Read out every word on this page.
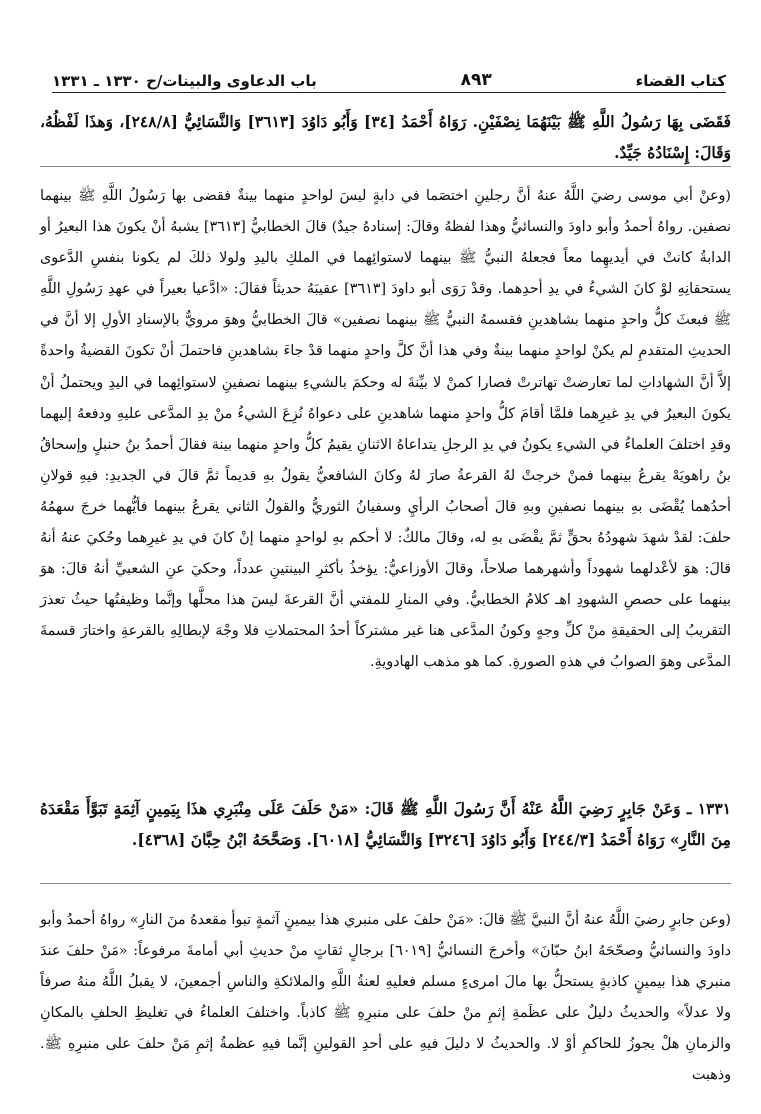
كتاب القضاء
٨٩٣
باب الدعاوى والبينات/ح ١٣٣٠ ـ ١٣٣١

فَقَضَى بِهَا رَسُولُ اللَّهِ ﷺ بَيْنَهُمَا نِصْفَيْنِ. رَوَاهُ أَحْمَدُ [٣٤] وَأَبُو دَاوُدَ [٣٦١٣] وَالنَّسَائِيُّ [٢٤٨/٨]، وَهذَا لَفْظُهُ، وَقَالَ: إِسْنَادُهُ جَيِّدٌ.

(وعنْ أبي موسى رضيَ اللَّهُ عنهُ أنَّ رجلينِ اختصَما في دابةٍ ليسَ لواحدٍ منهما بينةٌ فقضى بها رَسُولُ اللَّهِ ﷺ بينهما نصفين. رواهُ أحمدُ وأبو داودَ والنسائيُّ وهذا لفظهُ وقالَ: إسنادهُ جيدٌ) قالَ الخطابيُّ [٣٦١٣] يشبهُ أنْ يكونَ هذا البعيرُ أو الدابةُ كانتْ في أيديهِما معاً فجعلهُ النبيُّ ﷺ بينهما لاستوائِهما في الملكِ باليدِ ولولا ذلكَ لم يكونا بنفسِ الدَّعوى يستحقانِهِ لوْ كانَ الشيءُ في يدِ أحدِهما. وقدْ رَوَى أبو داودَ [٣٦١٣] عقيبَهُ حديثاً فقالَ: «ادَّعيا بعيراً في عهدِ رَسُولِ اللَّهِ ﷺ فبعثَ كلُّ واحدٍ منهما بشاهدينِ فقسمهُ النبيُّ ﷺ بينهما نصفين» قالَ الخطابيُّ وهوَ مرويٌّ بالإسنادِ الأولِ إلا أنَّ في الحديثِ المتقدمِ لم يكنْ لواحدٍ منهما بينةٌ وفي هذا أنَّ كلَّ واحدٍ منهما قدْ جاءَ بشاهدينِ فاحتملَ أنْ تكونَ القضيةُ واحدةً إلاَّ أنَّ الشهاداتِ لما تعارضتْ تهاترتْ فصارا كمنْ لا بيِّنةَ له وحكمَ بالشيءِ بينهما نصفينِ لاستوائِهما في اليدِ ويحتملُ أنْ يكونَ البعيرُ في يدِ غيرِهما فلمَّا أقامَ كلُّ واحدٍ منهما شاهدينِ على دعواهُ نُزِعَ الشيءُ منْ يدِ المدَّعى عليهِ ودفعهُ إليهما وقدِ اختلفَ العلماءُ في الشيءِ يكونُ في يدِ الرجلِ يتداعاهُ الاثنانِ يقيمُ كلُّ واحدٍ منهما بينة فقالَ أحمدُ بنُ حنبلٍ وإسحاقُ بنُ راهويَهْ يقرعُ بينهما فمنْ خرجتْ لهُ القرعةُ صارَ لهُ وكانَ الشافعيُّ يقولُ بهِ قديماً ثمَّ قالَ في الجديدِ: فيهِ قولانِ أحدُهما يُقْضَى بهِ بينهما نصفينِ وبهِ قالَ أصحابُ الرأيِ وسفيانُ الثوريُّ والقولُ الثاني يقرعُ بينهما فأيُّهما خرجَ سهمُهُ حلفَ: لقدْ شهدَ شهودُهُ بحقٍّ ثمَّ يقْضَى بهِ له، وقالَ مالكٌ: لا أحكم بهِ لواحدٍ منهما إنْ كانَ في يدِ غيرِهما وحُكيَ عنهُ أنهُ قالَ: هوَ لأعْدلهما شهوداً وأشهرهما صلاحاً، وقالَ الأوزاعيُّ: يؤخذُ بأكثرِ البينتينِ عدداً، وحكيَ عنِ الشعبيِّ أنهُ قالَ: هوَ بينهما على حصصِ الشهودِ اهـ كلامُ الخطابيُّ. وفي المنارِ للمفتي أنَّ القرعةَ ليسَ هذا محلَّها وإنَّما وظيفتُها حيثُ تعذرَ التقريبُ إلى الحقيقةِ منْ كلِّ وجهٍ وكونُ المدَّعى هنا غير مشتركاً أحدُ المحتملاتِ فلا وجْهَ لإبطالِهِ بالقرعةِ واختارَ قسمةَ المدَّعى وهوَ الصوابُ في هذهِ الصورةِ. كما هو مذهب الهادويةِ.

١٣٣١ ـ وَعَنْ جَابِرٍ رَضِيَ اللَّهُ عَنْهُ أَنَّ رَسُولَ اللَّهِ ﷺ قَالَ: «مَنْ حَلَفَ عَلَى مِنْبَرِي هذَا بِيَمِينٍ آثِمَةٍ تَبَوَّأَ مَقْعَدَهُ مِنَ النَّارِ» رَوَاهُ أَحْمَدُ [٢٤٤/٣] وَأَبُو دَاوُدَ [٣٢٤٦] وَالنَّسَائِيُّ [٦٠١٨]. وَصَحَّحَهُ ابْنُ حِبَّانَ [٤٣٦٨].

(وعن جابرٍ رضيَ اللَّهُ عنهُ أنَّ النبيَّ ﷺ قالَ: «مَنْ حلفَ على منبري هذا بيمينٍ آثمةٍ تبوأ مقعدهُ منَ النارِ» رواهُ أحمدُ وأبو داودَ والنسائيُّ وصحّحَهُ ابنُ حبّانَ» وأخرجَ النسائيُّ [٦٠١٩] برجالٍ ثقاتٍ منْ حديثِ أبي أمامةَ مرفوعاً: «مَنْ حلفَ عندَ منبري هذا بيمينٍ كاذبةٍ يستحلُّ بها مالَ امرىءٍ مسلم فعليهِ لعنةُ اللَّهِ والملائكةِ والناسِ أجمعينَ، لا يقبلُ اللَّهُ منهُ صرفاً ولا عدلاً» والحديثُ دليلٌ على عظَمةِ إثمِ منْ حلفَ على منبرِهِ ﷺ كاذباً. واختلفَ العلماءُ في تغليظِ الحلفِ بالمكانِ والزمانِ هلْ يجوزُ للحاكمِ أوْ لا. والحديثُ لا دليلَ فيهِ على أحدِ القولينِ إنَّما فيهِ عظمةُ إثمِ مَنْ حلفَ على منبرِهِ ﷺ. وذهبت
